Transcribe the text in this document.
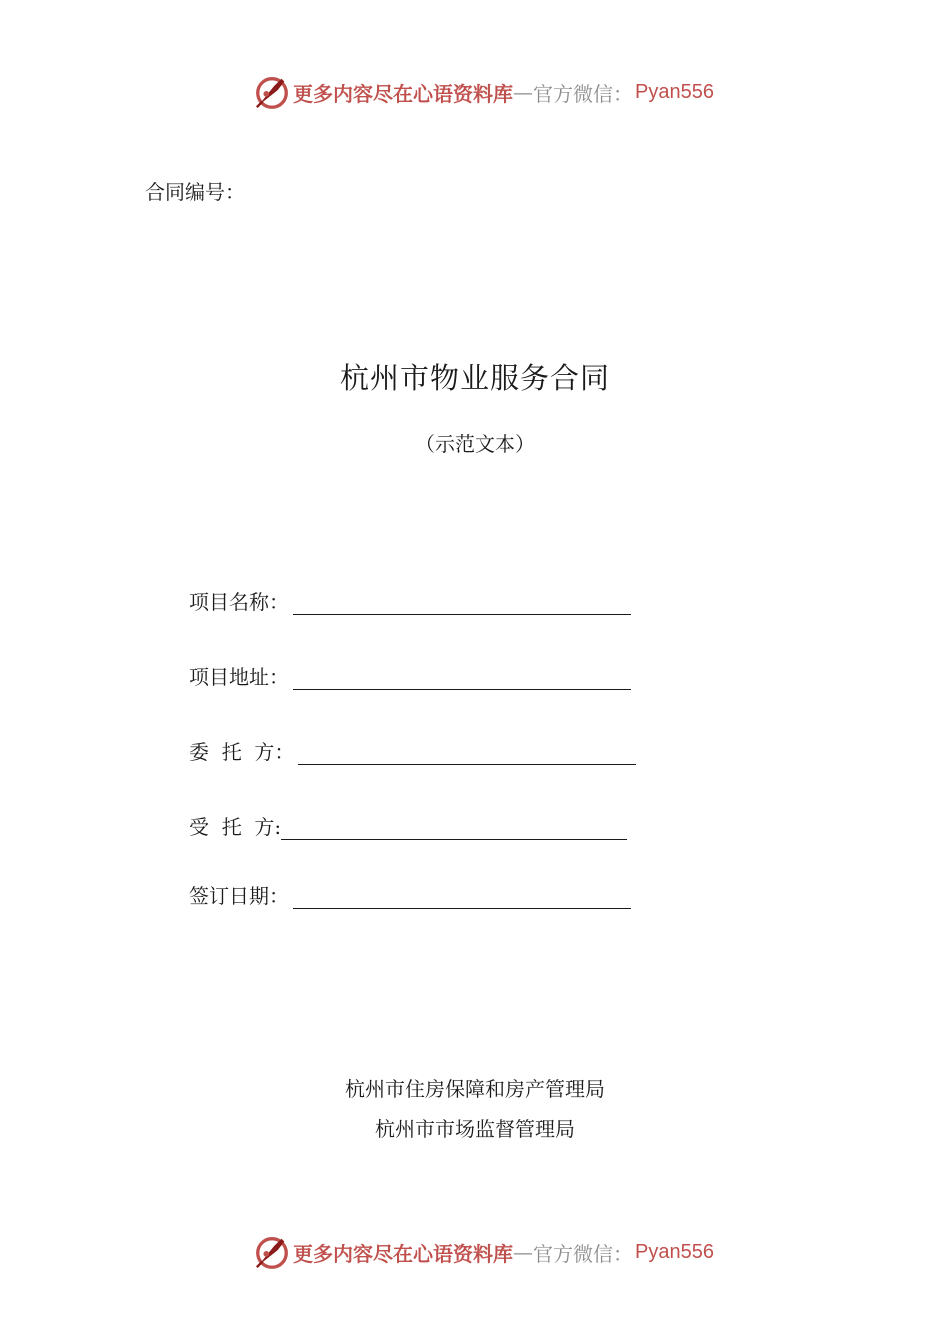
更多内容尽在心语资料库 — 官方微信： Pyan556
合同编号：
杭州市物业服务合同
（示范文本）
项目名称：
项目地址：
委  托  方：
受  托  方:
签订日期：
杭州市住房保障和房产管理局
杭州市市场监督管理局
更多内容尽在心语资料库 — 官方微信： Pyan556
